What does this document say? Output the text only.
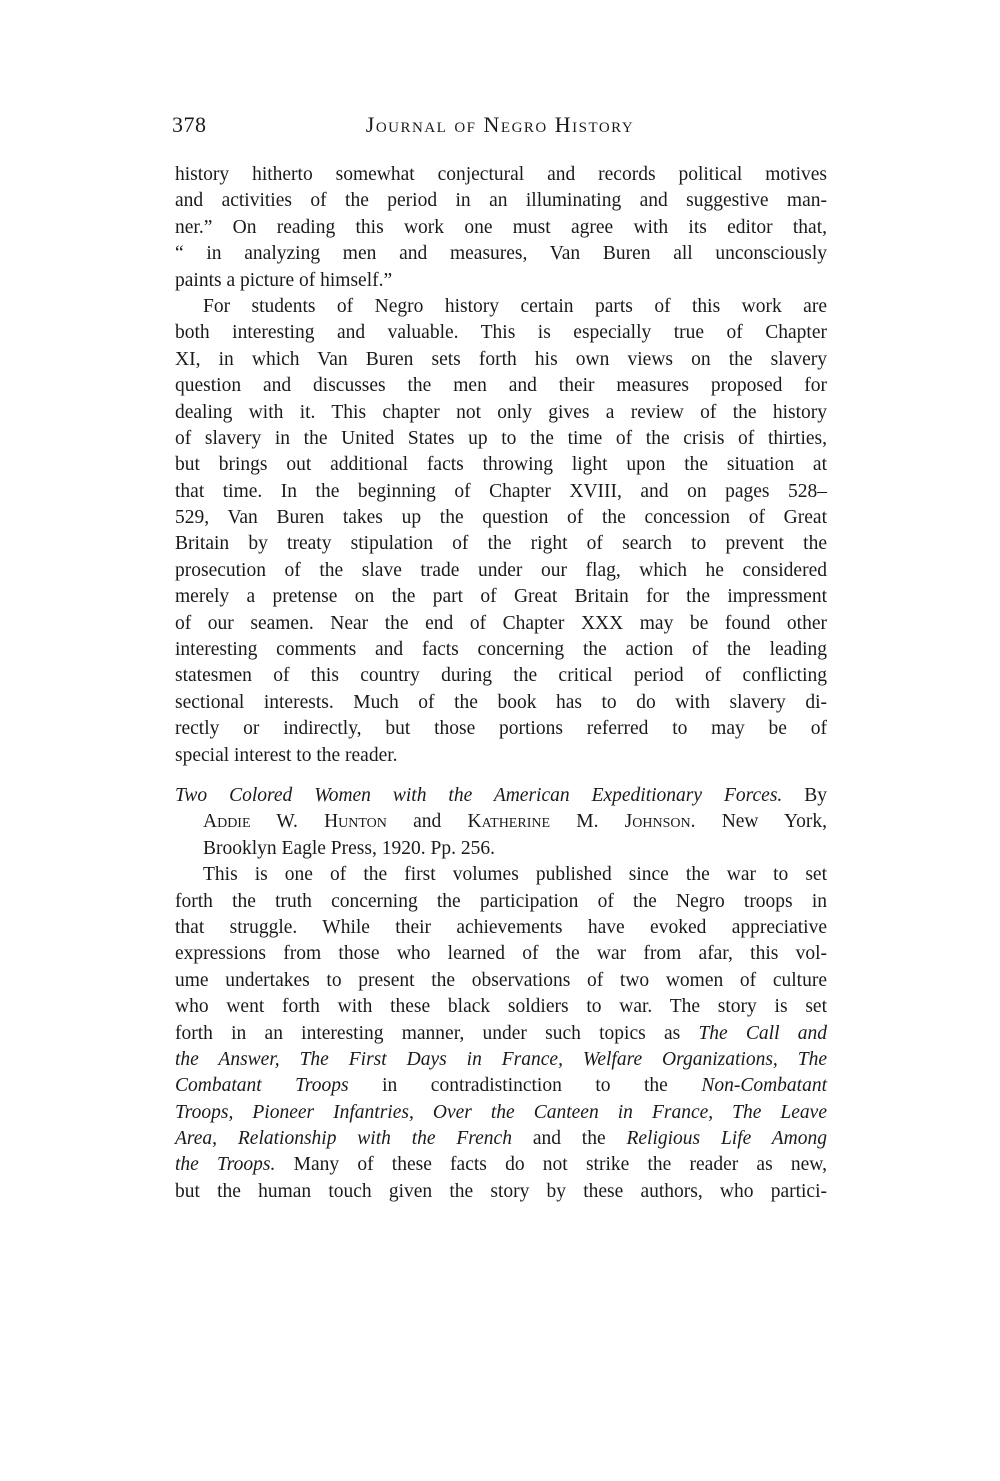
378	Journal of Negro History
history hitherto somewhat conjectural and records political motives
and activities of the period in an illuminating and suggestive man-
ner.” On reading this work one must agree with its editor that,
“ in analyzing men and measures, Van Buren all unconsciously
paints a picture of himself.”
For students of Negro history certain parts of this work are
both interesting and valuable. This is especially true of Chapter
XI, in which Van Buren sets forth his own views on the slavery
question and discusses the men and their measures proposed for
dealing with it. This chapter not only gives a review of the history
of slavery in the United States up to the time of the crisis of thirties,
but brings out additional facts throwing light upon the situation at
that time. In the beginning of Chapter XVIII, and on pages 528–
529, Van Buren takes up the question of the concession of Great
Britain by treaty stipulation of the right of search to prevent the
prosecution of the slave trade under our flag, which he considered
merely a pretense on the part of Great Britain for the impressment
of our seamen. Near the end of Chapter XXX may be found other
interesting comments and facts concerning the action of the leading
statesmen of this country during the critical period of conflicting
sectional interests. Much of the book has to do with slavery di-
rectly or indirectly, but those portions referred to may be of
special interest to the reader.
Two Colored Women with the American Expeditionary Forces. By
Addie W. Hunton and Katherine M. Johnson. New York,
Brooklyn Eagle Press, 1920. Pp. 256.
This is one of the first volumes published since the war to set
forth the truth concerning the participation of the Negro troops in
that struggle. While their achievements have evoked appreciative
expressions from those who learned of the war from afar, this vol-
ume undertakes to present the observations of two women of culture
who went forth with these black soldiers to war. The story is set
forth in an interesting manner, under such topics as The Call and
the Answer, The First Days in France, Welfare Organizations, The
Combatant Troops in contradistinction to the Non-Combatant
Troops, Pioneer Infantries, Over the Canteen in France, The Leave
Area, Relationship with the French and the Religious Life Among
the Troops. Many of these facts do not strike the reader as new,
but the human touch given the story by these authors, who partici-
